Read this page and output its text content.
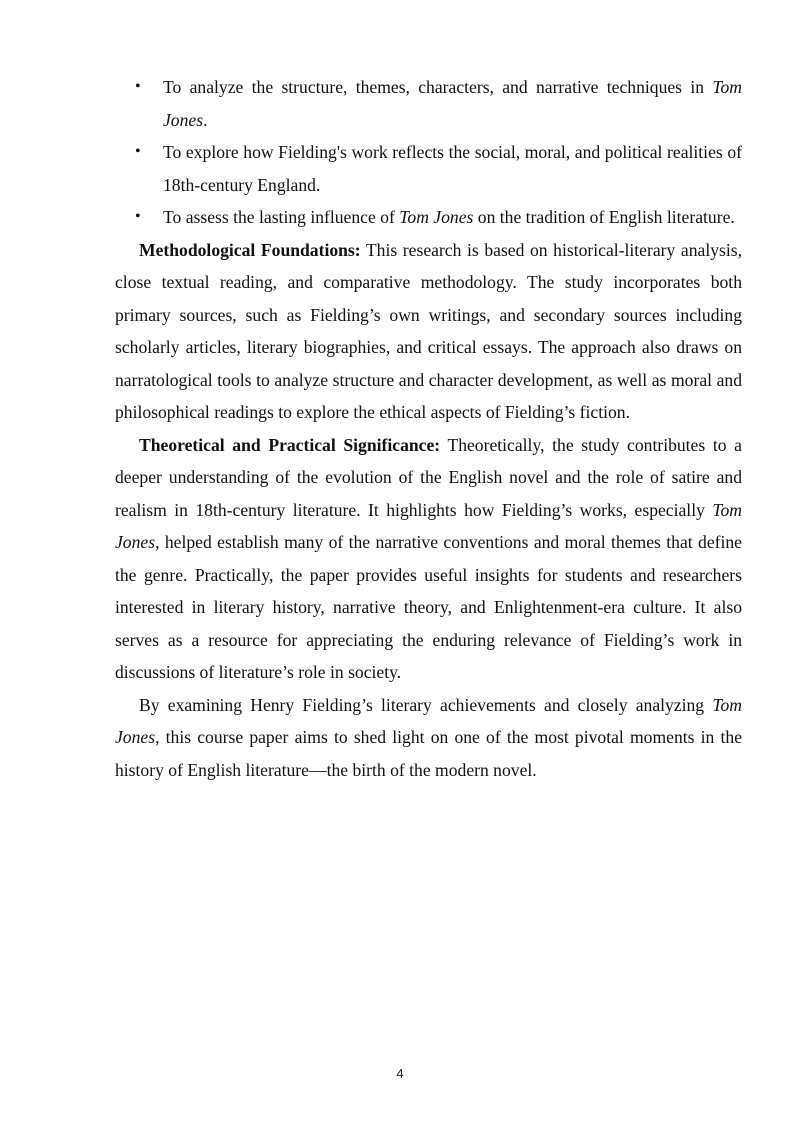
• To analyze the structure, themes, characters, and narrative techniques in Tom Jones.
• To explore how Fielding's work reflects the social, moral, and political realities of 18th-century England.
• To assess the lasting influence of Tom Jones on the tradition of English literature.

Methodological Foundations: This research is based on historical-literary analysis, close textual reading, and comparative methodology. The study incorporates both primary sources, such as Fielding’s own writings, and secondary sources including scholarly articles, literary biographies, and critical essays. The approach also draws on narratological tools to analyze structure and character development, as well as moral and philosophical readings to explore the ethical aspects of Fielding’s fiction.

Theoretical and Practical Significance: Theoretically, the study contributes to a deeper understanding of the evolution of the English novel and the role of satire and realism in 18th-century literature. It highlights how Fielding’s works, especially Tom Jones, helped establish many of the narrative conventions and moral themes that define the genre. Practically, the paper provides useful insights for students and researchers interested in literary history, narrative theory, and Enlightenment-era culture. It also serves as a resource for appreciating the enduring relevance of Fielding’s work in discussions of literature’s role in society.

By examining Henry Fielding’s literary achievements and closely analyzing Tom Jones, this course paper aims to shed light on one of the most pivotal moments in the history of English literature—the birth of the modern novel.

4
